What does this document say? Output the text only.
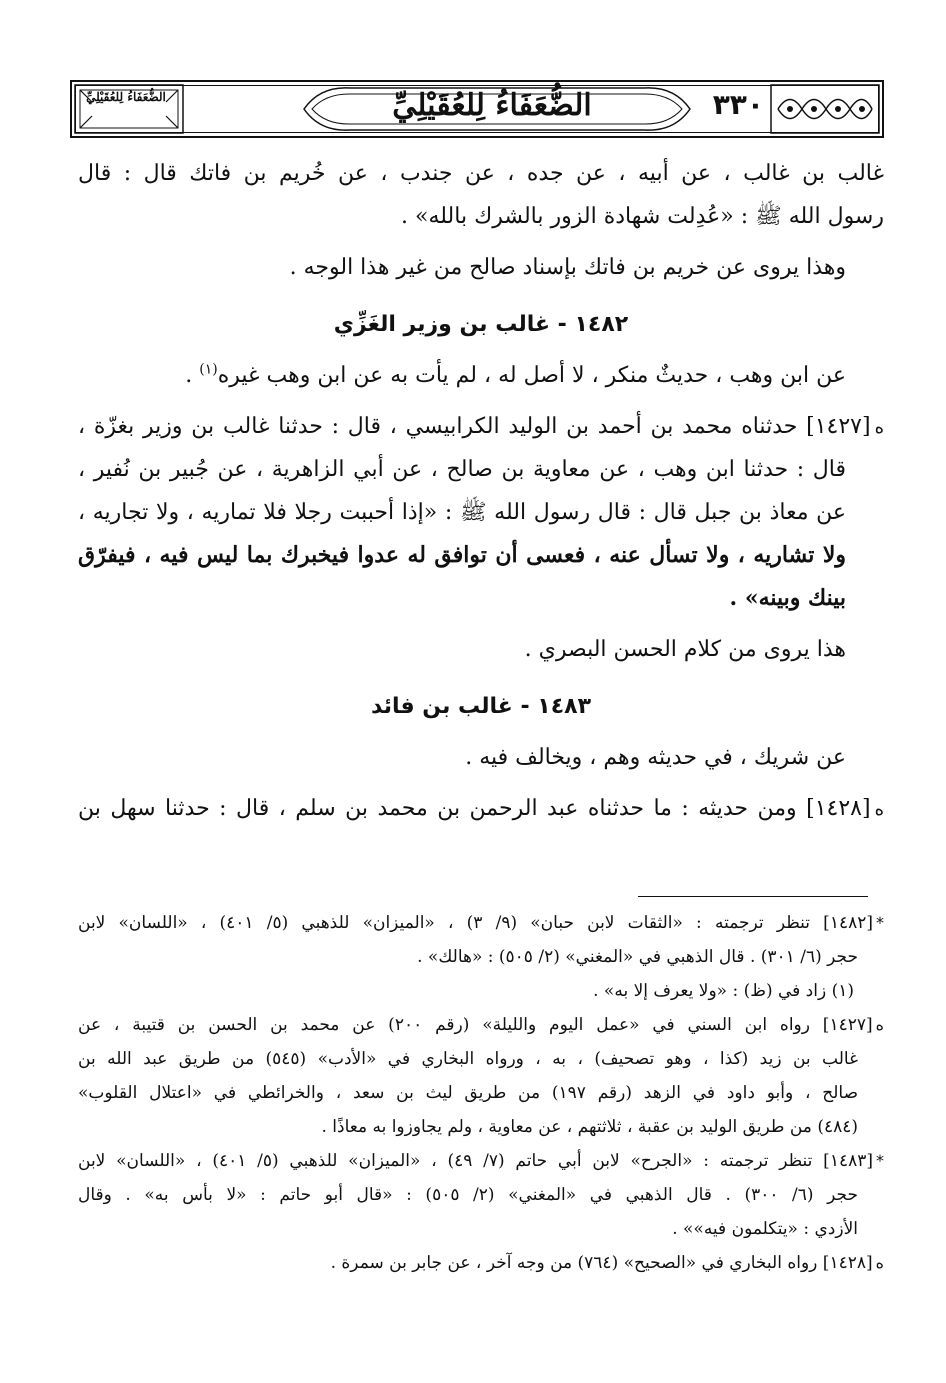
الضُّعَفَاءُ لِلعُقَيْلِيِّ	٣٣٠
الضُّعَفَاءُ لِلعُقَيْلِيِّ
غالب بن غالب ، عن أبيه ، عن جده ، عن جندب ، عن خُريم بن فاتك قال : قال
رسول الله ﷺ : «عُدِلت شهادة الزور بالشرك بالله» .
وهذا يروى عن خريم بن فاتك بإسناد صالح من غير هذا الوجه .
١٤٨٢ - غالب بن وزير الغَزِّي
عن ابن وهب ، حديثٌ منكر ، لا أصل له ، لم يأت به عن ابن وهب غيره$^{(١)}$ .
ه[١٤٢٧] حدثناه محمد بن أحمد بن الوليد الكرابيسي ، قال : حدثنا غالب بن وزير بغزّة ،
قال : حدثنا ابن وهب ، عن معاوية بن صالح ، عن أبي الزاهرية ، عن جُبير بن نُفير ،
عن معاذ بن جبل قال : قال رسول الله ﷺ : «إذا أحببت رجلا فلا تماريه ، ولا تجاريه ،
ولا تشاريه ، ولا تسأل عنه ، فعسى أن توافق له عدوا فيخبرك بما ليس فيه ، فيفرّق
بينك وبينه» .
هذا يروى من كلام الحسن البصري .
١٤٨٣ - غالب بن فائد
عن شريك ، في حديثه وهم ، ويخالف فيه .
ه[١٤٢٨] ومن حديثه : ما حدثناه عبد الرحمن بن محمد بن سلم ، قال : حدثنا سهل بن
*[١٤٨٢] تنظر ترجمته : «الثقات لابن حبان» (٩/ ٣) ، «الميزان» للذهبي (٥/ ٤٠١) ، «اللسان» لابن
حجر (٦/ ٣٠١) . قال الذهبي في «المغني» (٢/ ٥٠٥) : «هالك» .
(١) زاد في (ظ) : «ولا يعرف إلا به» .
ه[١٤٢٧] رواه ابن السني في «عمل اليوم والليلة» (رقم ٢٠٠) عن محمد بن الحسن بن قتيبة ، عن
غالب بن زيد (كذا ، وهو تصحيف) ، به ، ورواه البخاري في «الأدب» (٥٤٥) من طريق عبد الله بن
صالح ، وأبو داود في الزهد (رقم ١٩٧) من طريق ليث بن سعد ، والخرائطي في «اعتلال القلوب»
(٤٨٤) من طريق الوليد بن عقبة ، ثلاثتهم ، عن معاوية ، ولم يجاوزوا به معاذًا .
*[١٤٨٣] تنظر ترجمته : «الجرح» لابن أبي حاتم (٧/ ٤٩) ، «الميزان» للذهبي (٥/ ٤٠١) ، «اللسان» لابن
حجر (٦/ ٣٠٠) . قال الذهبي في «المغني» (٢/ ٥٠٥) : «قال أبو حاتم : «لا بأس به» . وقال
الأزدي : «يتكلمون فيه»» .
ه[١٤٢٨] رواه البخاري في «الصحيح» (٧٦٤) من وجه آخر ، عن جابر بن سمرة .
